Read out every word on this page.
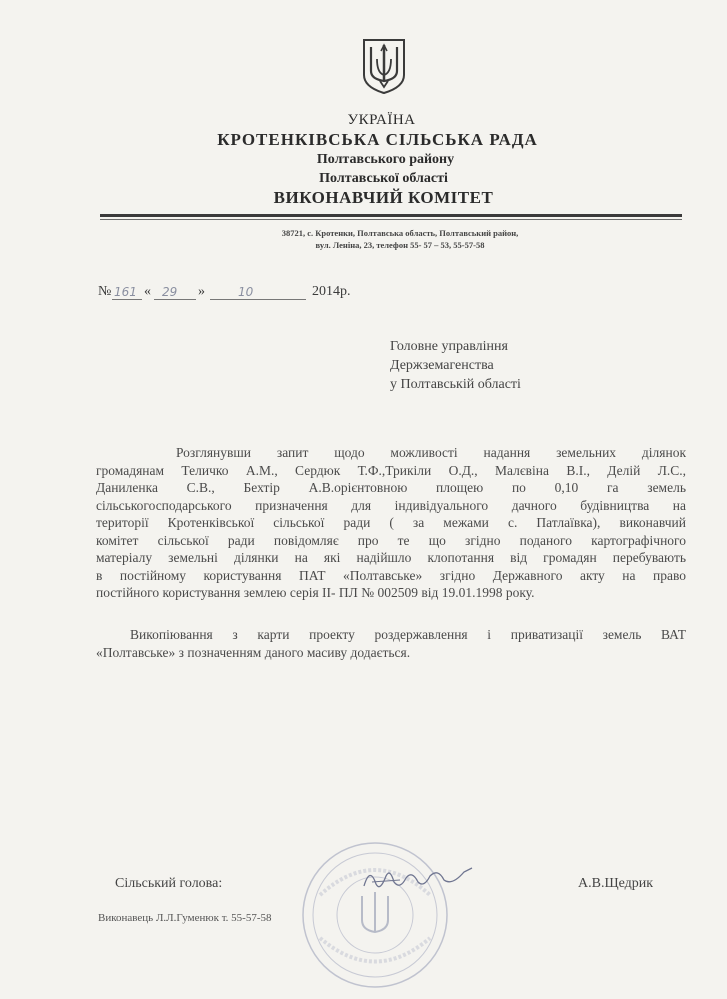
УКРАЇНА
КРОТЕНКІВСЬКА СІЛЬСЬКА РАДА
Полтавського району
Полтавської області
ВИКОНАВЧИЙ КОМІТЕТ
38721, с. Кротенки, Полтавська область, Полтавський район,
вул. Леніна, 23, телефон 55- 57 – 53, 55-57-58
№ 161 « 29 »	10	2014р.
Головне управління
Держземагенства
у Полтавській області
Розглянувши запит щодо можливості надання земельних ділянок
громадянам Теличко А.М., Сердюк Т.Ф.,Трикіли О.Д., Малєвіна В.І., Делій Л.С.,
Даниленка С.В., Бехтір А.В.орієнтовною площею по 0,10 га земель
сільськогосподарського призначення для індивідуального дачного будівництва на
території Кротенківської сільської ради ( за межами с. Патлаївка), виконавчий
комітет сільської ради повідомляє про те що згідно поданого картографічного
матеріалу земельні ділянки на які надійшло клопотання від громадян перебувають
в постійному користування ПАТ «Полтавське» згідно Державного акту на право
постійного користування землею серія ІІ- ПЛ № 002509 від 19.01.1998 року.
Викопіювання з карти проекту роздержавлення і приватизації земель ВАТ
«Полтавське» з позначенням даного масиву додається.
Сільський голова:	А.В.Щедрик
Виконавець Л.Л.Гуменюк т. 55-57-58
